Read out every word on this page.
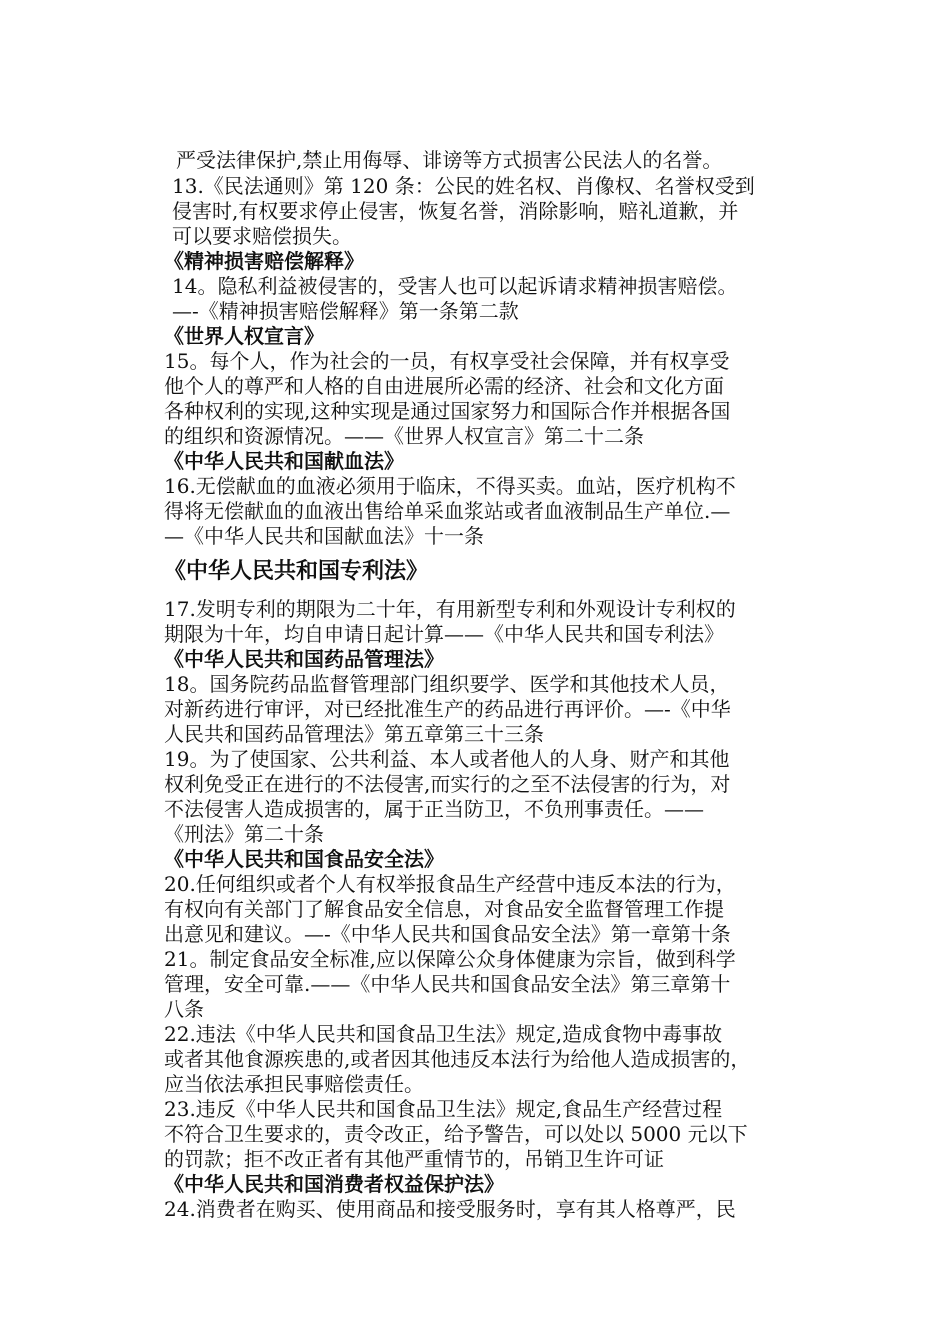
严受法律保护,禁止用侮辱、诽谤等方式损害公民法人的名誉。
13.《民法通则》第 120 条：公民的姓名权、肖像权、名誉权受到
侵害时,有权要求停止侵害，恢复名誉，消除影响，赔礼道歉，并
可以要求赔偿损失。
《精神损害赔偿解释》
14。隐私利益被侵害的，受害人也可以起诉请求精神损害赔偿。
—-《精神损害赔偿解释》第一条第二款
《世界人权宣言》
15。每个人，作为社会的一员，有权享受社会保障，并有权享受
他个人的尊严和人格的自由进展所必需的经济、社会和文化方面
各种权利的实现,这种实现是通过国家努力和国际合作并根据各国
的组织和资源情况。——《世界人权宣言》第二十二条
《中华人民共和国献血法》
16.无偿献血的血液必须用于临床，不得买卖。血站，医疗机构不
得将无偿献血的血液出售给单采血浆站或者血液制品生产单位.—
—《中华人民共和国献血法》十一条
《中华人民共和国专利法》
17.发明专利的期限为二十年，有用新型专利和外观设计专利权的
期限为十年，均自申请日起计算——《中华人民共和国专利法》
《中华人民共和国药品管理法》
18。国务院药品监督管理部门组织要学、医学和其他技术人员，
对新药进行审评，对已经批准生产的药品进行再评价。—-《中华
人民共和国药品管理法》第五章第三十三条
19。为了使国家、公共利益、本人或者他人的人身、财产和其他
权利免受正在进行的不法侵害,而实行的之至不法侵害的行为，对
不法侵害人造成损害的，属于正当防卫，不负刑事责任。——
《刑法》第二十条
《中华人民共和国食品安全法》
20.任何组织或者个人有权举报食品生产经营中违反本法的行为，
有权向有关部门了解食品安全信息，对食品安全监督管理工作提
出意见和建议。—-《中华人民共和国食品安全法》第一章第十条
21。制定食品安全标准,应以保障公众身体健康为宗旨，做到科学
管理，安全可靠.——《中华人民共和国食品安全法》第三章第十
八条
22.违法《中华人民共和国食品卫生法》规定,造成食物中毒事故
或者其他食源疾患的,或者因其他违反本法行为给他人造成损害的，
应当依法承担民事赔偿责任。
23.违反《中华人民共和国食品卫生法》规定,食品生产经营过程
不符合卫生要求的，责令改正，给予警告，可以处以 5000 元以下
的罚款；拒不改正者有其他严重情节的，吊销卫生许可证
《中华人民共和国消费者权益保护法》
24.消费者在购买、使用商品和接受服务时，享有其人格尊严，民
